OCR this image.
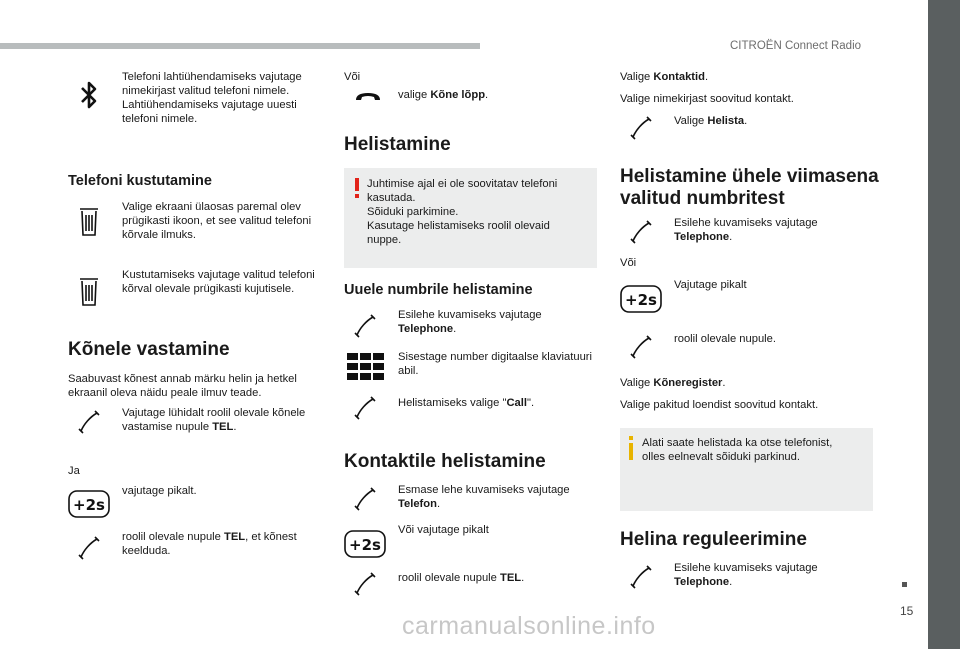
CITROËN Connect Radio
15
Telefoni lahtiühendamiseks vajutage nimekirjast valitud telefoni nimele. Lahtiühendamiseks vajutage uuesti telefoni nimele.
Telefoni kustutamine
Valige ekraani ülaosas paremal olev prügikasti ikoon, et see valitud telefoni kõrvale ilmuks.
Kustutamiseks vajutage valitud telefoni kõrval olevale prügikasti kujutisele.
Kõnele vastamine
Saabuvast kõnest annab märku helin ja hetkel ekraanil oleva näidu peale ilmuv teade.
Vajutage lühidalt roolil olevale kõnele vastamise nupule TEL.
Ja
+2s
vajutage pikalt.
roolil olevale nupule TEL, et kõnest keelduda.
Või
valige Kõne lõpp.
Helistamine
Juhtimise ajal ei ole soovitatav telefoni
kasutada.
Sõiduki parkimine.
Kasutage helistamiseks roolil olevaid
nuppe.
Uuele numbrile helistamine
Esilehe kuvamiseks vajutage Telephone.
Sisestage number digitaalse klaviatuuri abil.
Helistamiseks valige "Call".
Kontaktile helistamine
Esmase lehe kuvamiseks vajutage Telefon.
+2s
Või vajutage pikalt
roolil olevale nupule TEL.
Valige Kontaktid.
Valige nimekirjast soovitud kontakt.
Valige Helista.
Helistamine ühele viimasena
valitud numbritest
Esilehe kuvamiseks vajutage Telephone.
Või
+2s
Vajutage pikalt
roolil olevale nupule.
Valige Kõneregister.
Valige pakitud loendist soovitud kontakt.
Alati saate helistada ka otse telefonist,
olles eelnevalt sõiduki parkinud.
Helina reguleerimine
Esilehe kuvamiseks vajutage Telephone.
carmanualsonline.info
